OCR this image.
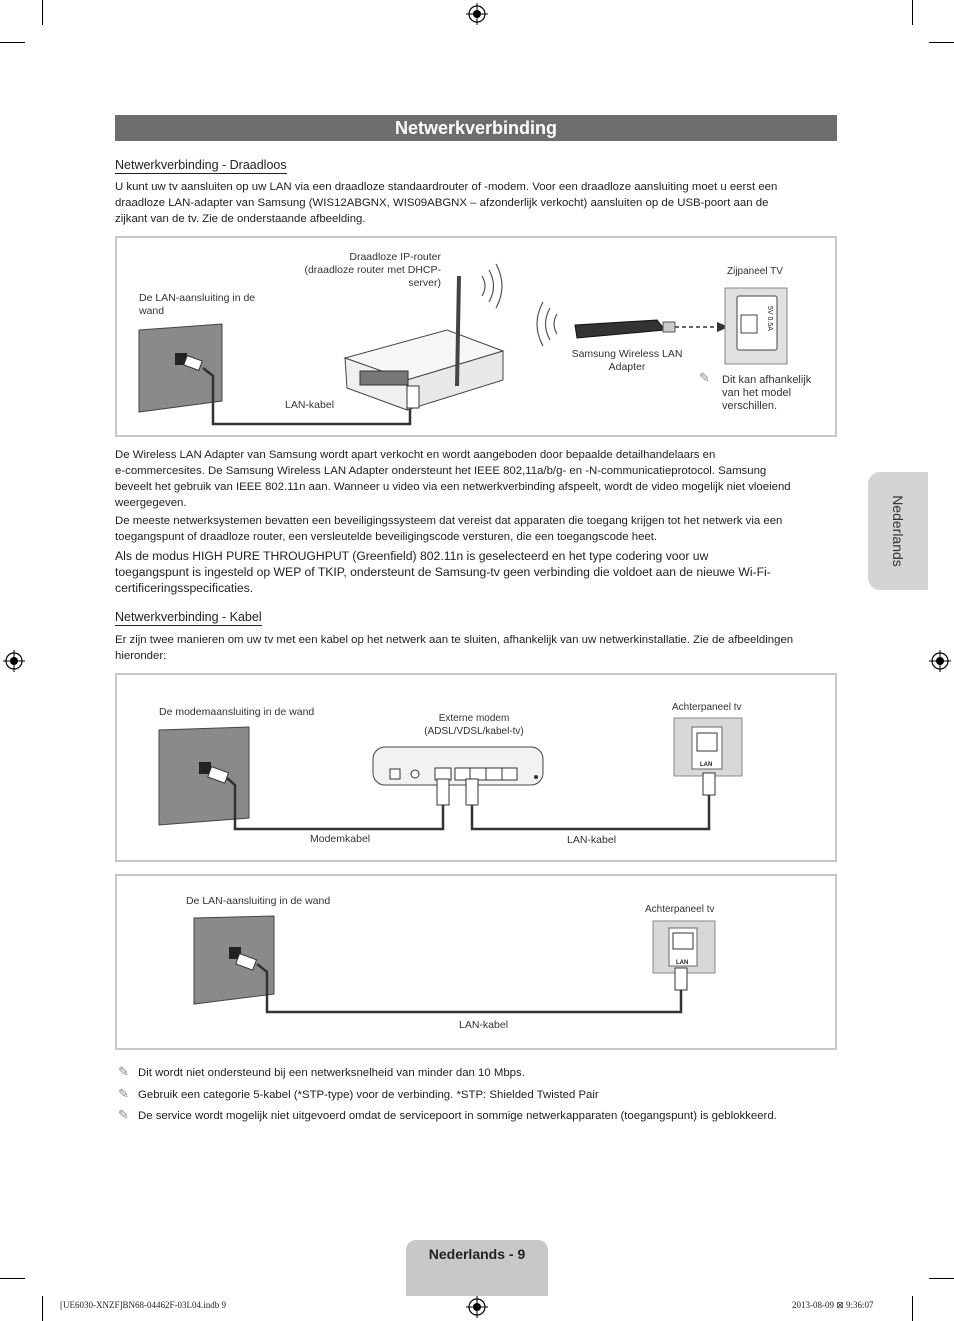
Netwerkverbinding
Netwerkverbinding - Draadloos
U kunt uw tv aansluiten op uw LAN via een draadloze standaardrouter of -modem. Voor een draadloze aansluiting moet u eerst een
draadloze LAN-adapter van Samsung (WIS12ABGNX, WIS09ABGNX – afzonderlijk verkocht) aansluiten op de USB-poort aan de
zijkant van de tv. Zie de onderstaande afbeelding.
5V 0.5A
Draadloze IP-router
(draadloze router met DHCP-
server)
De LAN-aansluiting in de
wand
LAN-kabel
Samsung Wireless LAN
Adapter
Zijpaneel TV
✎ Dit kan afhankelijk
van het model
verschillen.
De Wireless LAN Adapter van Samsung wordt apart verkocht en wordt aangeboden door bepaalde detailhandelaars en
e-commercesites. De Samsung Wireless LAN Adapter ondersteunt het IEEE 802,11a/b/g- en -N-communicatieprotocol. Samsung
beveelt het gebruik van IEEE 802.11n aan. Wanneer u video via een netwerkverbinding afspeelt, wordt de video mogelijk niet vloeiend
weergegeven.
De meeste netwerksystemen bevatten een beveiligingssysteem dat vereist dat apparaten die toegang krijgen tot het netwerk via een
toegangspunt of draadloze router, een versleutelde beveiligingscode versturen, die een toegangscode heet.
Als de modus HIGH PURE THROUGHPUT (Greenfield) 802.11n is geselecteerd en het type codering voor uw
toegangspunt is ingesteld op WEP of TKIP, ondersteunt de Samsung-tv geen verbinding die voldoet aan de nieuwe Wi-Fi-
certificeringsspecificaties.
Netwerkverbinding - Kabel
Er zijn twee manieren om uw tv met een kabel op het netwerk aan te sluiten, afhankelijk van uw netwerkinstallatie. Zie de afbeeldingen
hieronder:
De modemaansluiting in de wand
Externe modem
(ADSL/VDSL/kabel-tv)
Achterpaneel tv
LAN
Modemkabel	LAN-kabel
De LAN-aansluiting in de wand
Achterpaneel tv
LAN
LAN-kabel
✎ Dit wordt niet ondersteund bij een netwerksnelheid van minder dan 10 Mbps.
✎ Gebruik een categorie 5-kabel (*STP-type) voor de verbinding. *STP: Shielded Twisted Pair
✎ De service wordt mogelijk niet uitgevoerd omdat de servicepoort in sommige netwerkapparaten (toegangspunt) is geblokkeerd.
Nederlands
Nederlands - 9
[UE6030-XNZF]BN68-04462F-03L04.indb 9	2013-08-09 ⊠ 9:36:07
